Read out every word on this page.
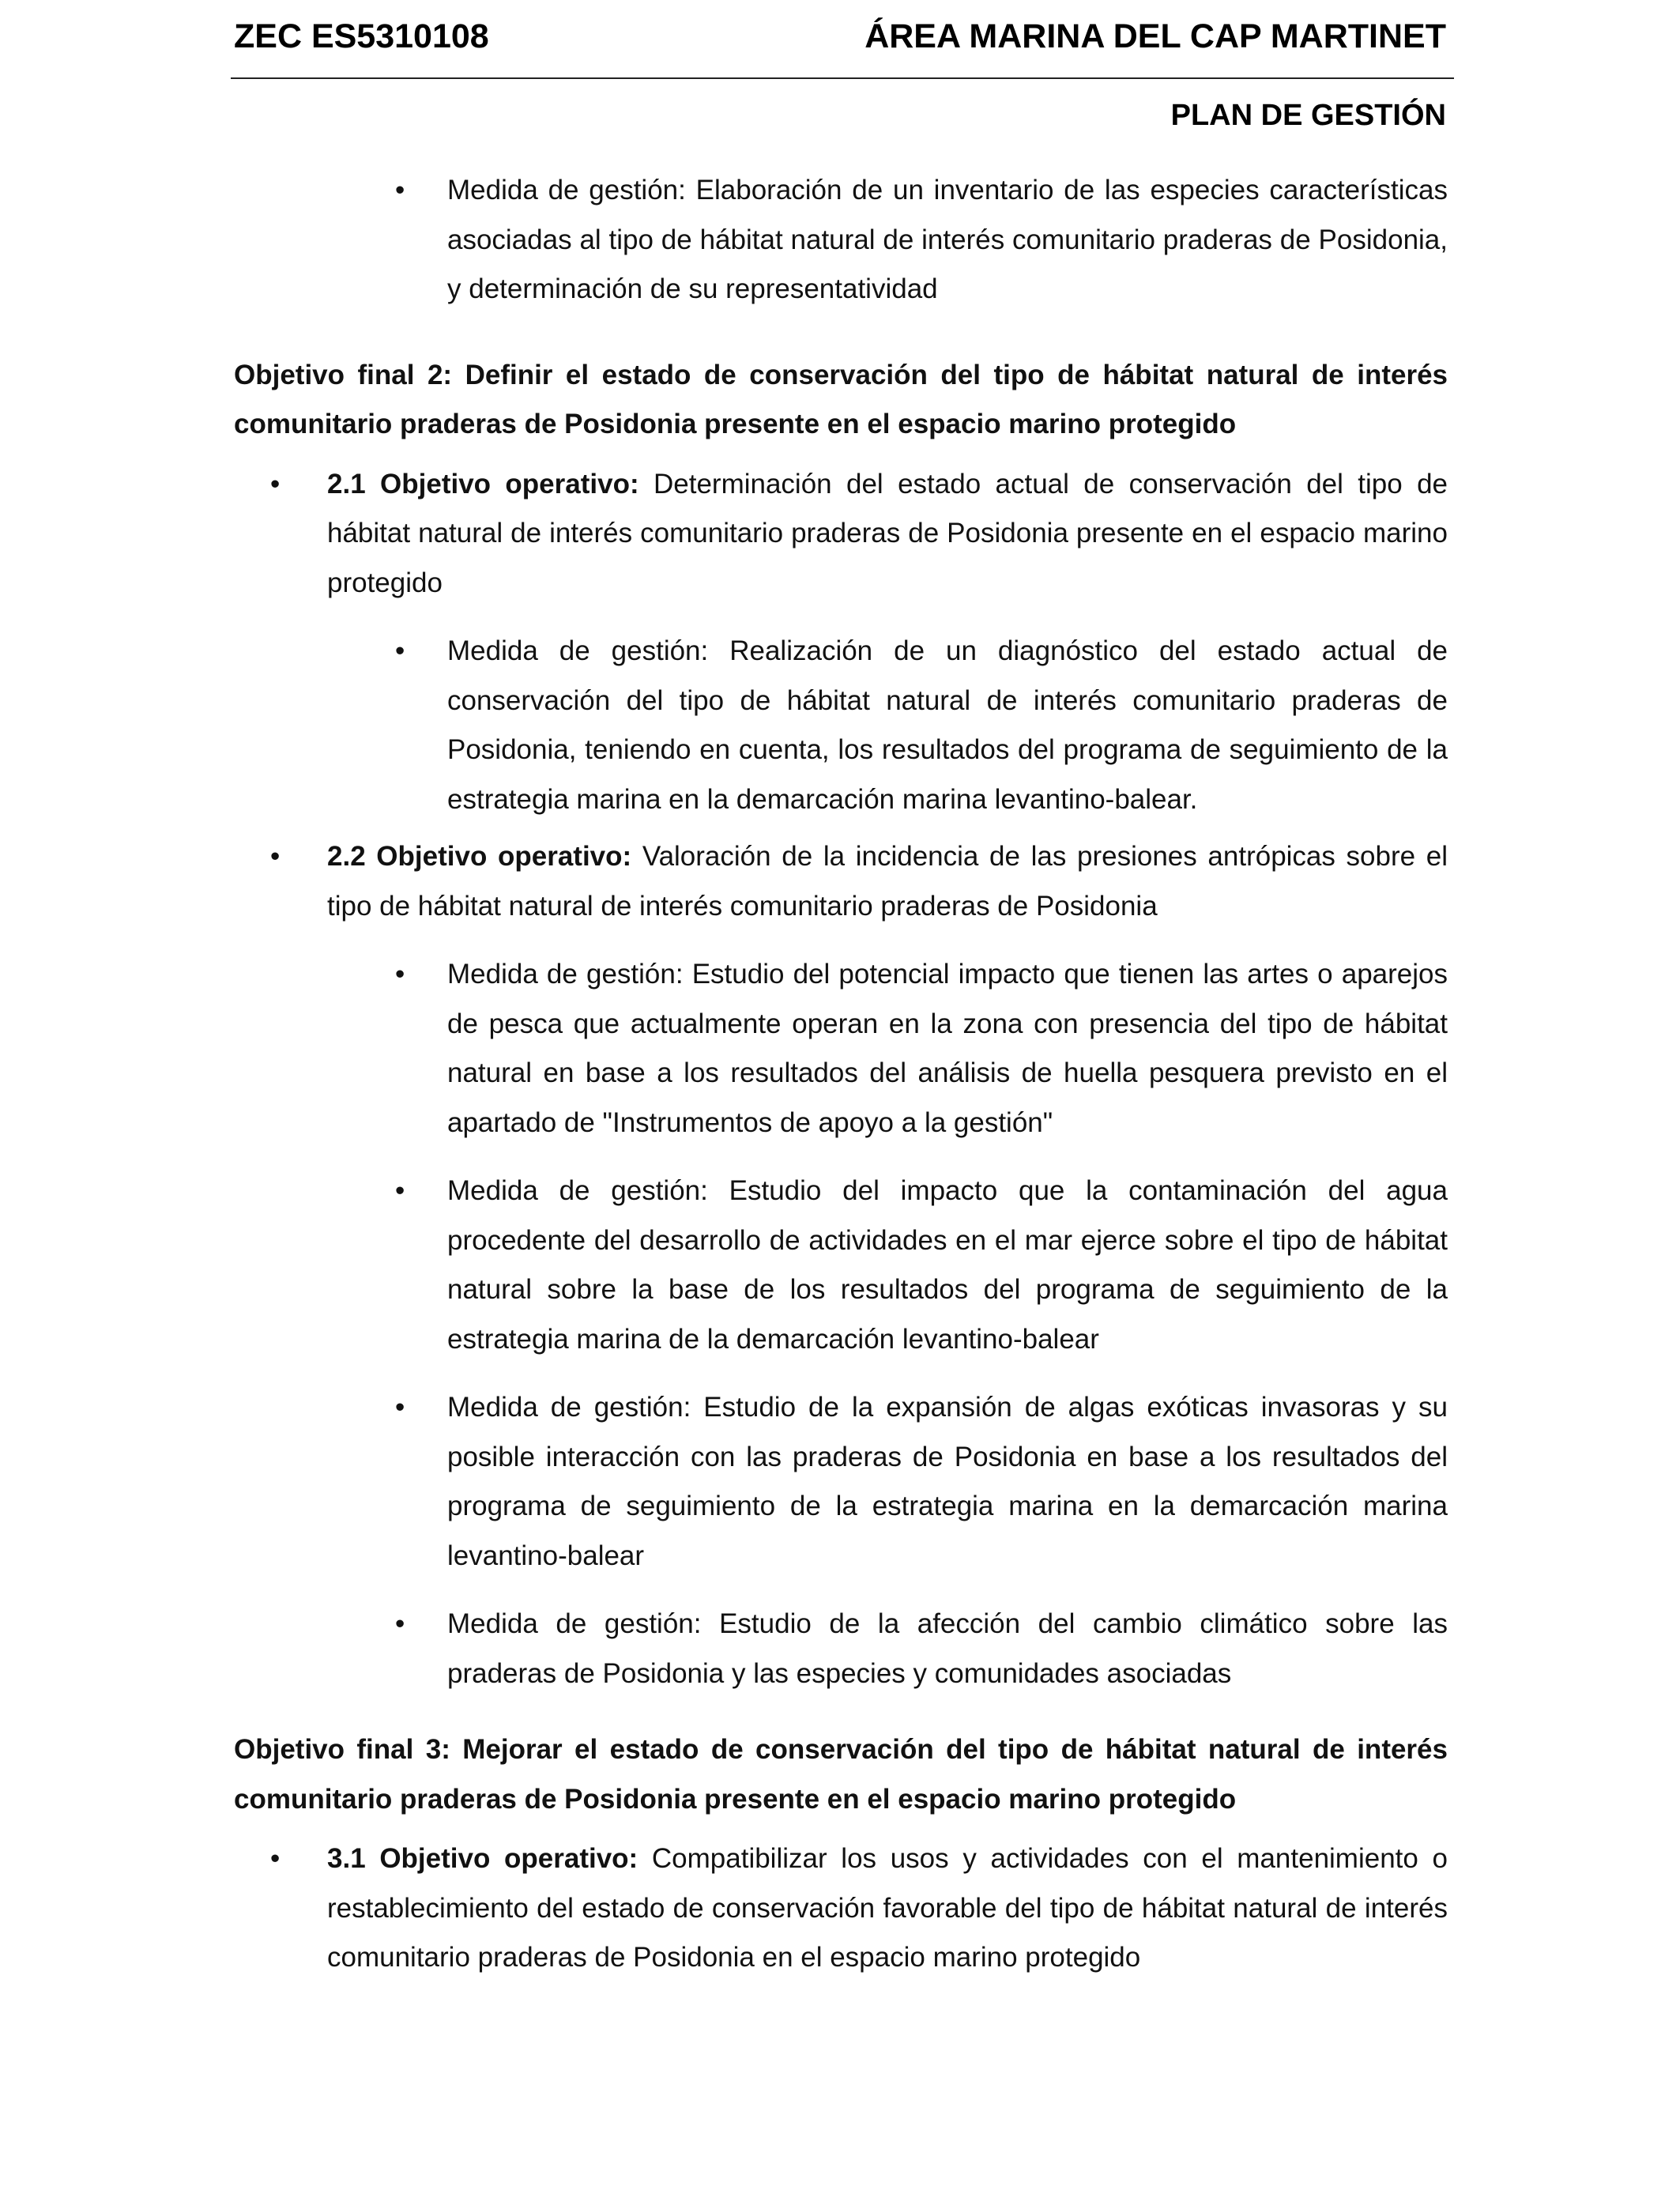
ZEC ES5310108	ÁREA MARINA DEL CAP MARTINET
PLAN DE GESTIÓN
• Medida de gestión: Elaboración de un inventario de las especies características asociadas al tipo de hábitat natural de interés comunitario praderas de Posidonia, y determinación de su representatividad
Objetivo final 2: Definir el estado de conservación del tipo de hábitat natural de interés comunitario praderas de Posidonia presente en el espacio marino protegido
• 2.1 Objetivo operativo: Determinación del estado actual de conservación del tipo de hábitat natural de interés comunitario praderas de Posidonia presente en el espacio marino protegido
• Medida de gestión: Realización de un diagnóstico del estado actual de conservación del tipo de hábitat natural de interés comunitario praderas de Posidonia, teniendo en cuenta, los resultados del programa de seguimiento de la estrategia marina en la demarcación marina levantino-balear.
• 2.2 Objetivo operativo: Valoración de la incidencia de las presiones antrópicas sobre el tipo de hábitat natural de interés comunitario praderas de Posidonia
• Medida de gestión: Estudio del potencial impacto que tienen las artes o aparejos de pesca que actualmente operan en la zona con presencia del tipo de hábitat natural en base a los resultados del análisis de huella pesquera previsto en el apartado de "Instrumentos de apoyo a la gestión"
• Medida de gestión: Estudio del impacto que la contaminación del agua procedente del desarrollo de actividades en el mar ejerce sobre el tipo de hábitat natural sobre la base de los resultados del programa de seguimiento de la estrategia marina de la demarcación levantino-balear
• Medida de gestión: Estudio de la expansión de algas exóticas invasoras y su posible interacción con las praderas de Posidonia en base a los resultados del programa de seguimiento de la estrategia marina en la demarcación marina levantino-balear
• Medida de gestión: Estudio de la afección del cambio climático sobre las praderas de Posidonia y las especies y comunidades asociadas
Objetivo final 3: Mejorar el estado de conservación del tipo de hábitat natural de interés comunitario praderas de Posidonia presente en el espacio marino protegido
• 3.1 Objetivo operativo: Compatibilizar los usos y actividades con el mantenimiento o restablecimiento del estado de conservación favorable del tipo de hábitat natural de interés comunitario praderas de Posidonia en el espacio marino protegido
